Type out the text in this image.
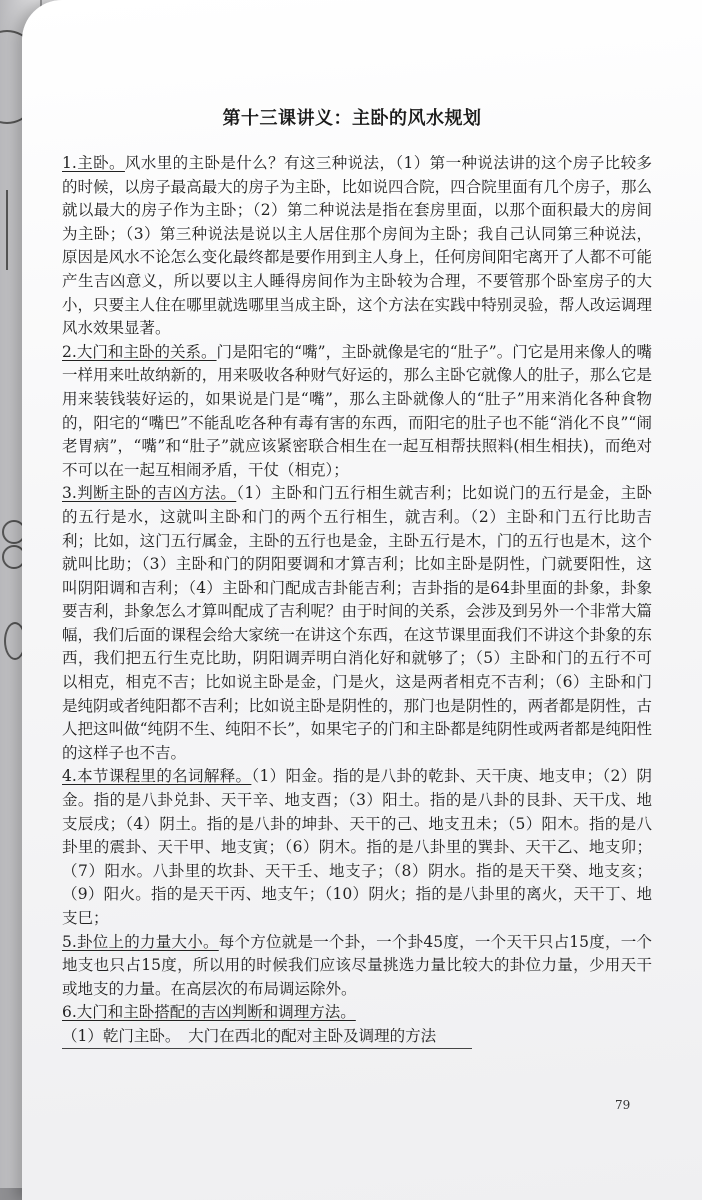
第十三课讲义：主卧的风水规划

1.主卧。风水里的主卧是什么？有这三种说法，（1）第一种说法讲的这个房子比较多的时候，以房子最高最大的房子为主卧，比如说四合院，四合院里面有几个房子，那么就以最大的房子作为主卧；（2）第二种说法是指在套房里面，以那个面积最大的房间为主卧；（3）第三种说法是说以主人居住那个房间为主卧；我自己认同第三种说法，原因是风水不论怎么变化最终都是要作用到主人身上，任何房间阳宅离开了人都不可能产生吉凶意义，所以要以主人睡得房间作为主卧较为合理，不要管那个卧室房子的大小，只要主人住在哪里就选哪里当成主卧，这个方法在实践中特别灵验，帮人改运调理风水效果显著。

2.大门和主卧的关系。门是阳宅的“嘴”，主卧就像是宅的“肚子”。门它是用来像人的嘴一样用来吐故纳新的，用来吸收各种财气好运的，那么主卧它就像人的肚子，那么它是用来装钱装好运的，如果说是门是“嘴”，那么主卧就像人的“肚子”用来消化各种食物的，阳宅的“嘴巴”不能乱吃各种有毒有害的东西，而阳宅的肚子也不能“消化不良”“闹老胃病”，“嘴”和“肚子”就应该紧密联合相生在一起互相帮扶照料(相生相扶)，而绝对不可以在一起互相闹矛盾，干仗（相克）；

3.判断主卧的吉凶方法。（1）主卧和门五行相生就吉利；比如说门的五行是金，主卧的五行是水，这就叫主卧和门的两个五行相生，就吉利。（2）主卧和门五行比助吉利；比如，这门五行属金，主卧的五行也是金，主卧五行是木，门的五行也是木，这个就叫比助；（3）主卧和门的阴阳要调和才算吉利；比如主卧是阴性，门就要阳性，这叫阴阳调和吉利；（4）主卧和门配成吉卦能吉利；吉卦指的是64卦里面的卦象，卦象要吉利，卦象怎么才算叫配成了吉利呢？由于时间的关系，会涉及到另外一个非常大篇幅，我们后面的课程会给大家统一在讲这个东西，在这节课里面我们不讲这个卦象的东西，我们把五行生克比助，阴阳调弄明白消化好和就够了；（5）主卧和门的五行不可以相克，相克不吉；比如说主卧是金，门是火，这是两者相克不吉利；（6）主卧和门是纯阴或者纯阳都不吉利；比如说主卧是阴性的，那门也是阴性的，两者都是阴性，古人把这叫做“纯阴不生、纯阳不长”，如果宅子的门和主卧都是纯阴性或两者都是纯阳性的这样子也不吉。

4.本节课程里的名词解释。（1）阳金。指的是八卦的乾卦、天干庚、地支申；（2）阴金。指的是八卦兑卦、天干辛、地支酉；（3）阳土。指的是八卦的艮卦、天干戊、地支辰戌；（4）阴土。指的是八卦的坤卦、天干的己、地支丑未；（5）阳木。指的是八卦里的震卦、天干甲、地支寅；（6）阴木。指的是八卦里的巽卦、天干乙、地支卯；（7）阳水。八卦里的坎卦、天干壬、地支子；（8）阴水。指的是天干癸、地支亥；（9）阳火。指的是天干丙、地支午；（10）阴火；指的是八卦里的离火，天干丁、地支巳；

5.卦位上的力量大小。每个方位就是一个卦，一个卦45度，一个天干只占15度，一个地支也只占15度，所以用的时候我们应该尽量挑选力量比较大的卦位力量，少用天干或地支的力量。在高层次的布局调运除外。

6.大门和主卧搭配的吉凶判断和调理方法。

（1）乾门主卧。　大门在西北的配对主卧及调理的方法

79
